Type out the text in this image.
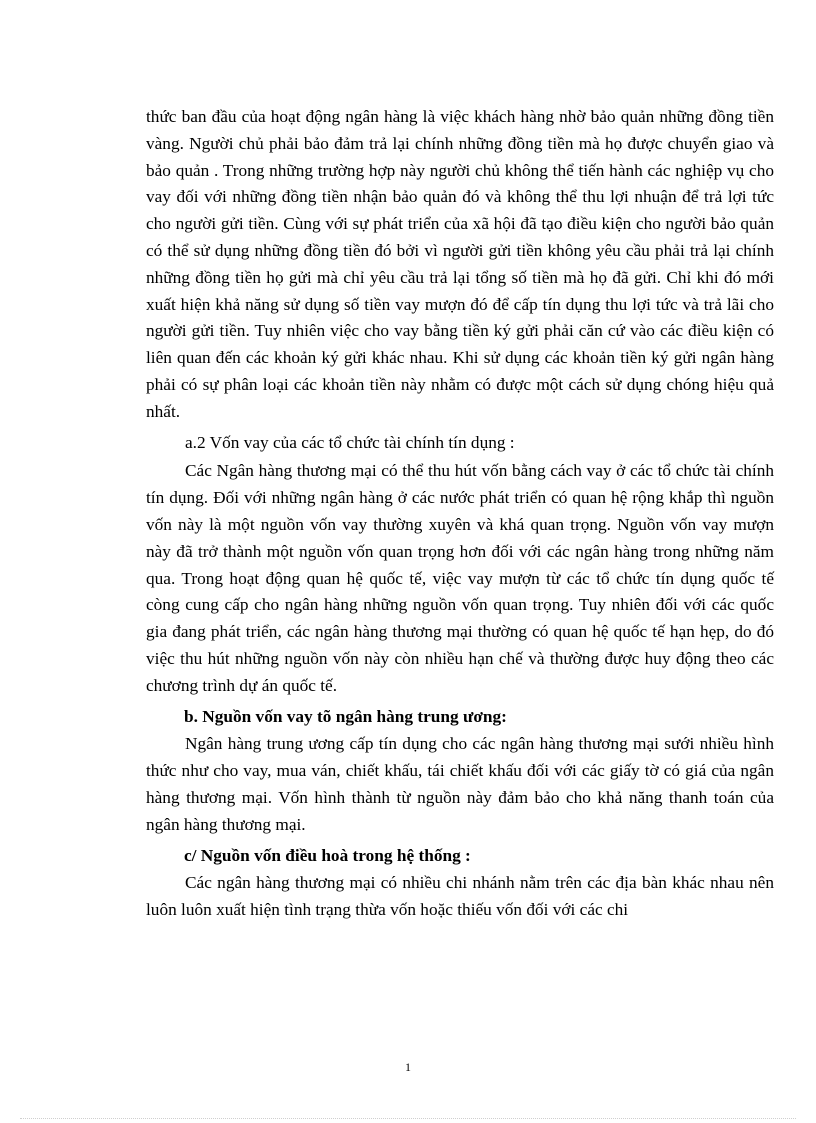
thức ban đầu của hoạt động ngân hàng là việc khách hàng nhờ bảo quản những đồng tiền vàng. Người chủ phải bảo đảm trả lại chính những đồng tiền mà họ được chuyển giao và bảo quản . Trong những trường hợp này người chủ không thể tiến hành các nghiệp vụ cho vay đối với những đồng tiền nhận bảo quản đó và không thể thu lợi nhuận để trả lợi tức cho người gửi tiền. Cùng với sự phát triển của xã hội đã tạo điều kiện cho người bảo quản có thể sử dụng những đồng tiền đó bởi vì người gửi tiền không yêu cầu phải trả lại chính những đồng tiền họ gửi mà chỉ yêu cầu trả lại tổng số tiền mà họ đã gửi. Chỉ khi đó mới xuất hiện khả năng sử dụng số tiền vay mượn đó để cấp tín dụng thu lợi tức và trả lãi cho người gửi tiền. Tuy nhiên việc cho vay bằng tiền ký gửi phải căn cứ vào các điều kiện có liên quan đến các khoản ký gửi khác nhau. Khi sử dụng các khoản tiền ký gửi ngân hàng phải có sự phân loại các khoản tiền này nhằm có được một cách sử dụng chóng hiệu quả nhất.

a.2 Vốn vay của các tổ chức tài chính tín dụng :

Các Ngân hàng thương mại có thể thu hút vốn bằng cách vay ở các tổ chức tài chính tín dụng. Đối với những ngân hàng ở các nước phát triển có quan hệ rộng khắp thì nguồn vốn này là một nguồn vốn vay thường xuyên và khá quan trọng. Nguồn vốn vay mượn này đã trở thành một nguồn vốn quan trọng hơn đối với các ngân hàng trong những năm qua. Trong hoạt động quan hệ quốc tế, việc vay mượn từ các tổ chức tín dụng quốc tế còng cung cấp cho ngân hàng những nguồn vốn quan trọng. Tuy nhiên đối với các quốc gia đang phát triển, các ngân hàng thương mại thường có quan hệ quốc tế hạn hẹp, do đó việc thu hút những nguồn vốn này còn nhiều hạn chế và thường được huy động theo các chương trình dự án quốc tế.

b. Nguồn vốn vay tõ ngân hàng trung ương:

Ngân hàng trung ương cấp tín dụng cho các ngân hàng thương mại sưới nhiều hình thức như cho vay, mua ván, chiết khấu, tái chiết khấu đối với các giấy tờ có giá của ngân hàng thương mại. Vốn hình thành từ nguồn này đảm bảo cho khả năng thanh toán của ngân hàng thương mại.

c/ Nguồn vốn điều hoà trong hệ thống :

Các ngân hàng thương mại có nhiều chi nhánh nằm trên các địa bàn khác nhau nên luôn luôn xuất hiện tình trạng thừa vốn hoặc thiếu vốn đối với các chi

1
